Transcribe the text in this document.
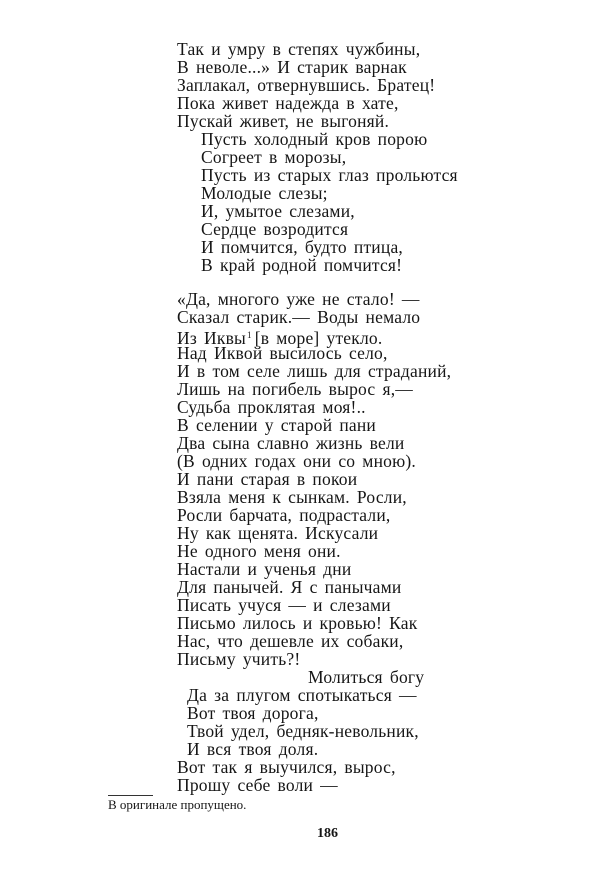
Так и умру в степях чужбины,
В неволе...» И старик варнак
Заплакал, отвернувшись. Братец!
Пока живет надежда в хате,
Пускай живет, не выгоняй.
Пусть холодный кров порою
Согреет в морозы,
Пусть из старых глаз прольются
Молодые слезы;
И, умытое слезами,
Сердце возродится
И помчится, будто птица,
В край родной помчится!
«Да, многого уже не стало! —
Сказал старик.— Воды немало
Из Иквы$^1$ [в море] утекло.
Над Иквой высилось село,
И в том селе лишь для страданий,
Лишь на погибель вырос я,—
Судьба проклятая моя!..
В селении у старой пани
Два сына славно жизнь вели
(В одних годах они со мною).
И пани старая в покои
Взяла меня к сынкам. Росли,
Росли барчата, подрастали,
Ну как щенята. Искусали
Не одного меня они.
Настали и ученья дни
Для панычей. Я с панычами
Писать учуся — и слезами
Письмо лилось и кровью! Как
Нас, что дешевле их собаки,
Письму учить?!
Молиться богу
Да за плугом спотыкаться —
Вот твоя дорога,
Твой удел, бедняк-невольник,
И вся твоя доля.
Вот так я выучился, вырос,
Прошу себе воли —
В оригинале пропущено.
186
